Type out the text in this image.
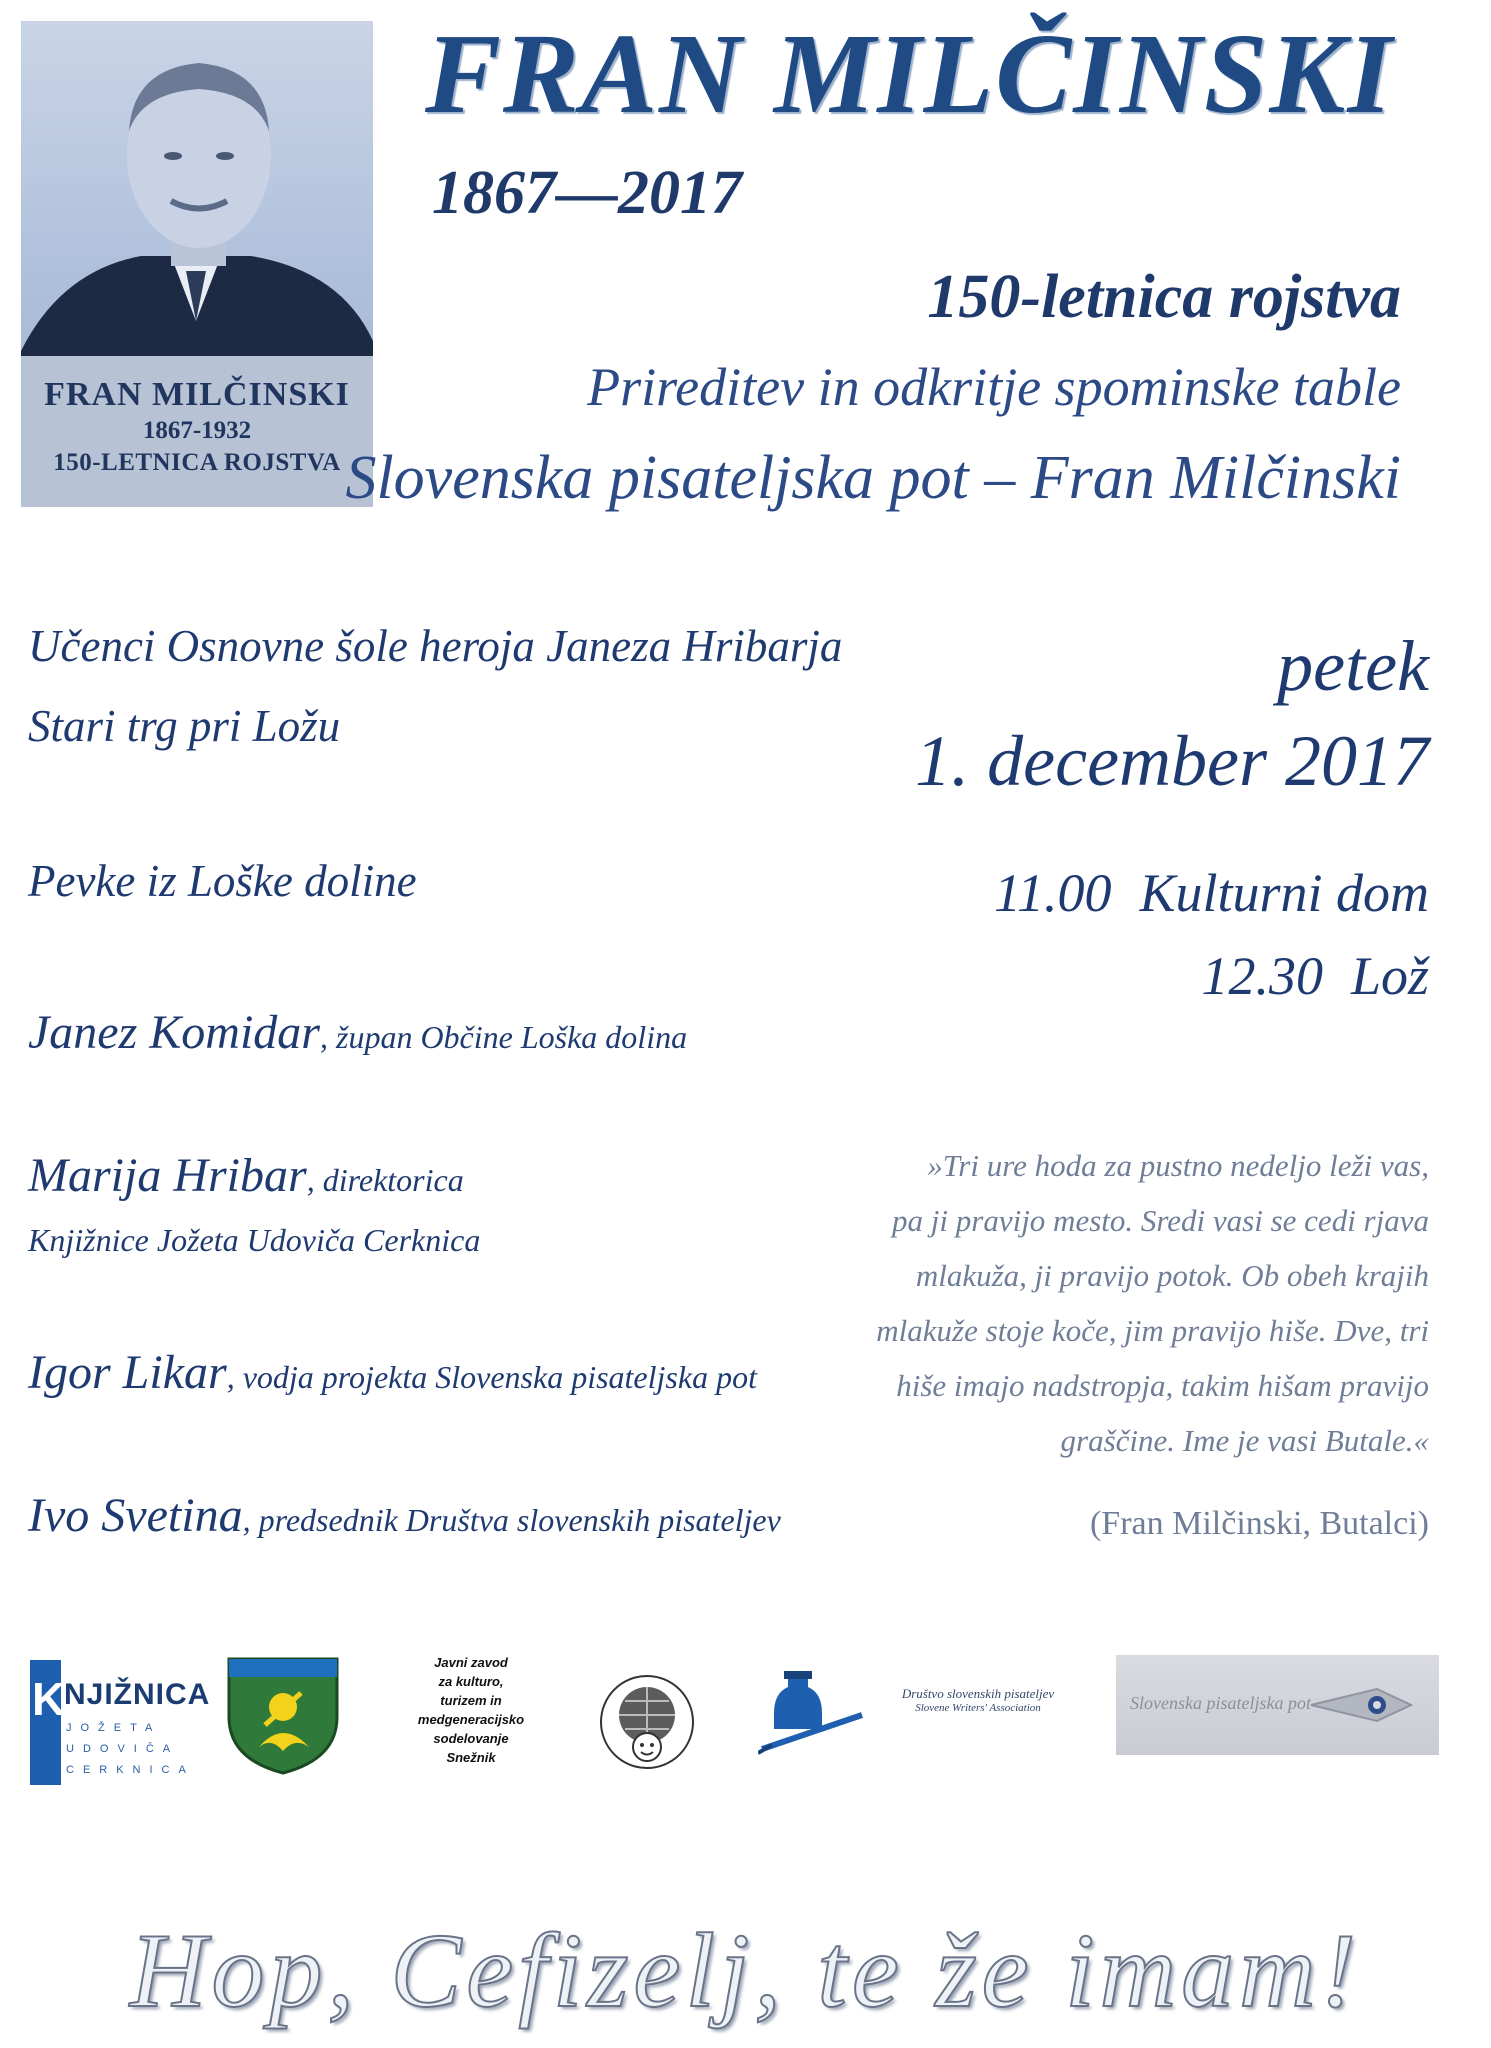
FRAN MILČINSKI
1867-1932
150-LETNICA ROJSTVA
FRAN MILČINSKI
1867—2017
150-letnica rojstva
Prireditev in odkritje spominske table
Slovenska pisateljska pot – Fran Milčinski
Učenci Osnovne šole heroja Janeza Hribarja
Stari trg pri Ložu
Pevke iz Loške doline
Janez Komidar, župan Občine Loška dolina
Marija Hribar, direktorica
Knjižnice Jožeta Udoviča Cerknica
Igor Likar, vodja projekta Slovenska pisateljska pot
Ivo Svetina, predsednik Društva slovenskih pisateljev
petek
1. december 2017
11.00 Kulturni dom
12.30 Lož
»Tri ure hoda za pustno nedeljo leži vas,
pa ji pravijo mesto. Sredi vasi se cedi rjava
mlakuža, ji pravijo potok. Ob obeh krajih
mlakuže stoje koče, jim pravijo hiše. Dve, tri
hiše imajo nadstropja, takim hišam pravijo
graščine. Ime je vasi Butale.«
(Fran Milčinski, Butalci)
K
NJIŽNICA
JOŽETA
UDOVIČA
CERKNICA
Javni zavod
za kulturo,
turizem in
medgeneracijsko
sodelovanje
Snežnik
Društvo slovenskih pisateljev
Slovene Writers' Association	Slovenska pisateljska pot
Hop, Cefizelj, te že imam!
